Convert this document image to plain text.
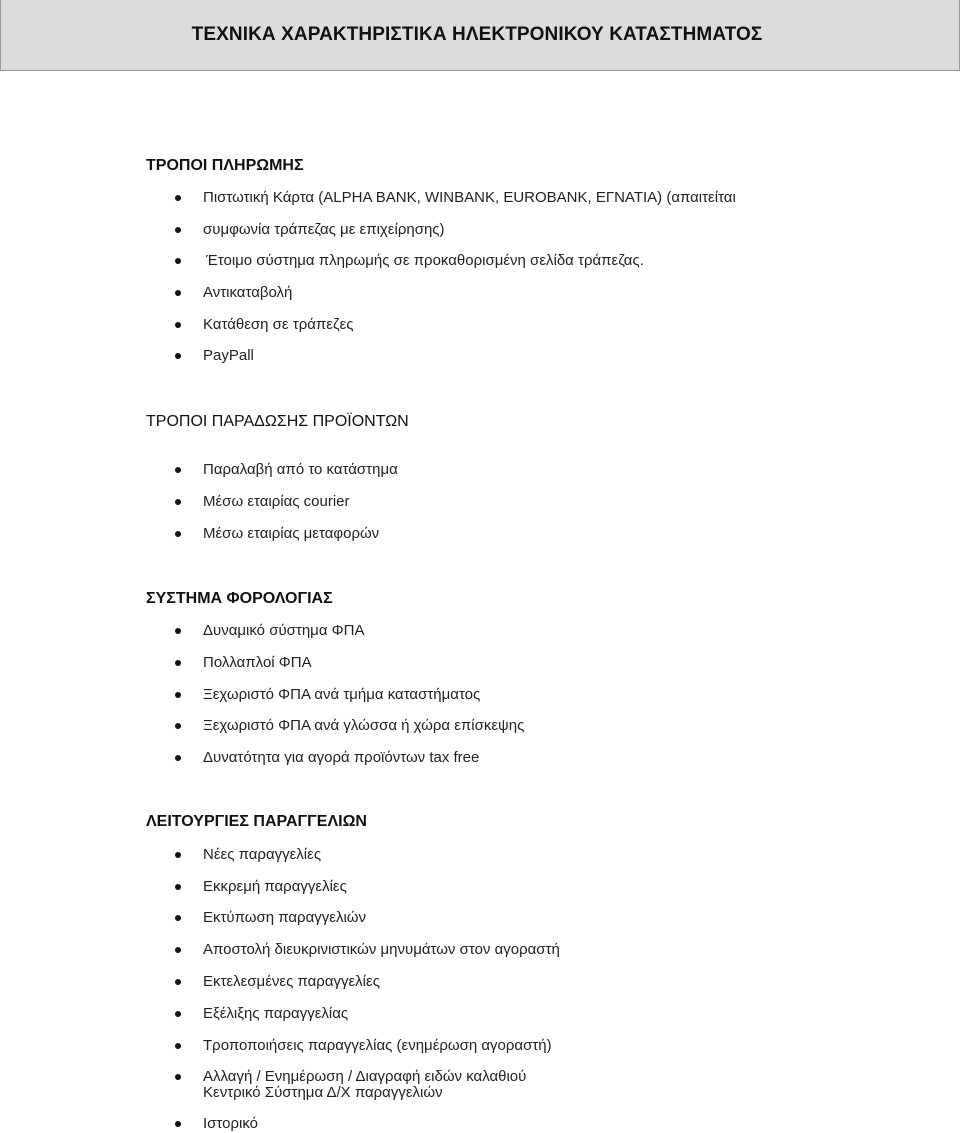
ΤΕΧΝΙΚΑ ΧΑΡΑΚΤΗΡΙΣΤΙΚΑ ΗΛΕΚΤΡΟΝΙΚΟΥ ΚΑΤΑΣΤΗΜΑΤΟΣ
ΤΡΟΠΟΙ ΠΛΗΡΩΜΗΣ
Πιστωτική Κάρτα (ALPHA BANK, WINBANK, EUROBANK, ΕΓΝΑΤΙΑ) (απαιτείται
συμφωνία τράπεζας με επιχείρησης)
Έτοιμο σύστημα πληρωμής σε προκαθορισμένη σελίδα τράπεζας.
Αντικαταβολή
Κατάθεση σε τράπεζες
PayPall
ΤΡΟΠΟΙ ΠΑΡΑΔΩΣΗΣ ΠΡΟΪΟΝΤΩΝ
Παραλαβή από το κατάστημα
Μέσω εταιρίας courier
Μέσω εταιρίας μεταφορών
ΣΥΣΤΗΜΑ ΦΟΡΟΛΟΓΙΑΣ
Δυναμικό σύστημα ΦΠΑ
Πολλαπλοί ΦΠΑ
Ξεχωριστό ΦΠΑ ανά τμήμα καταστήματος
Ξεχωριστό ΦΠΑ ανά γλώσσα ή χώρα επίσκεψης
Δυνατότητα για αγορά προϊόντων tax free
ΛΕΙΤΟΥΡΓΙΕΣ ΠΑΡΑΓΓΕΛΙΩΝ
Νέες παραγγελίες
Εκκρεμή παραγγελίες
Εκτύπωση παραγγελιών
Αποστολή διευκρινιστικών μηνυμάτων στον αγοραστή
Εκτελεσμένες παραγγελίες
Εξέλιξης παραγγελίας
Τροποποιήσεις παραγγελίας (ενημέρωση αγοραστή)
Αλλαγή / Ενημέρωση / Διαγραφή ειδών καλαθιού
Κεντρικό Σύστημα Δ/Χ παραγγελιών
Ιστορικό
